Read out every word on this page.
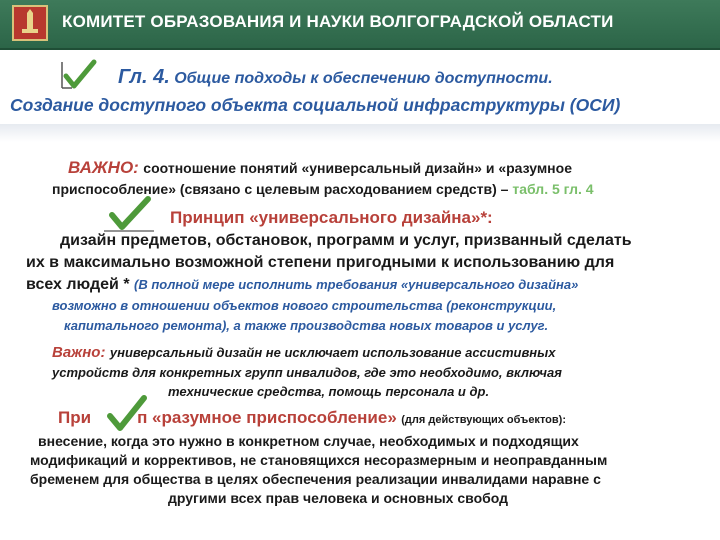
КОМИТЕТ ОБРАЗОВАНИЯ И НАУКИ ВОЛГОГРАДСКОЙ ОБЛАСТИ
Гл. 4. Общие подходы к обеспечению доступности.
Создание доступного объекта социальной инфраструктуры (ОСИ)
ВАЖНО: соотношение понятий «универсальный дизайн» и «разумное
приспособление» (связано с целевым расходованием средств) – табл. 5 гл. 4
Принцип «универсального дизайна»*:
дизайн предметов, обстановок, программ и услуг, призванный сделать
их в максимально возможной степени пригодными к использованию для
всех людей * (В полной мере исполнить требования «универсального дизайна»
возможно в отношении объектов нового строительства (реконструкции,
капитального ремонта), а также производства новых товаров и услуг.
Важно: универсальный дизайн не исключает использование ассистивных
устройств для конкретных групп инвалидов, где это необходимо, включая
технические средства, помощь персонала и др.
При	п «разумное приспособление» (для действующих объектов):
внесение, когда это нужно в конкретном случае, необходимых и подходящих
модификаций и коррективов, не становящихся несоразмерным и неоправданным
бременем для общества в целях обеспечения реализации инвалидами наравне с
другими всех прав человека и основных свобод
